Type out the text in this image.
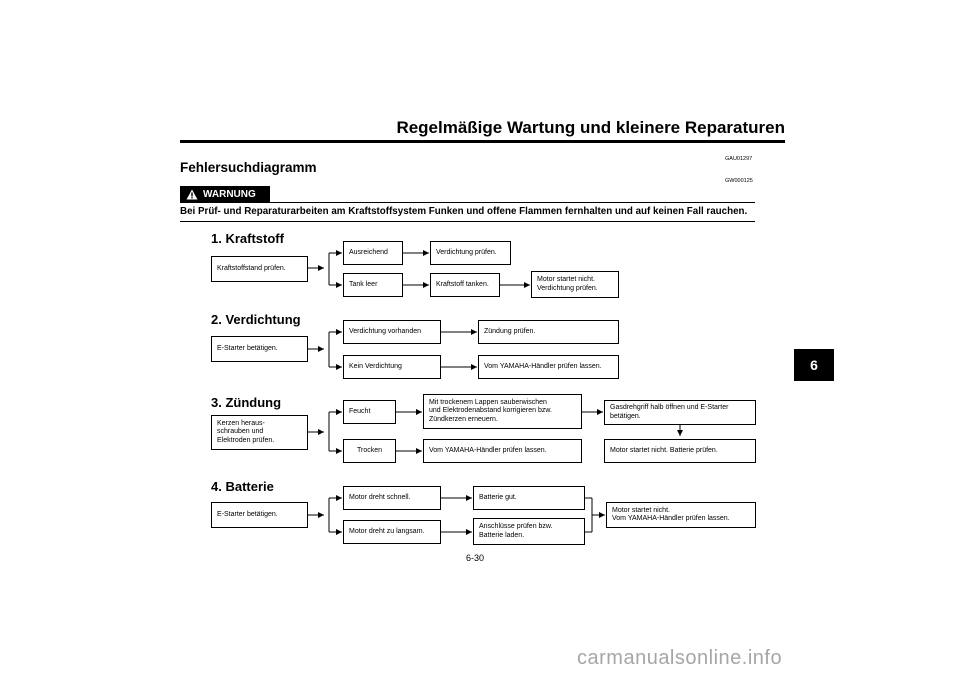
Regelmäßige Wartung und kleinere Reparaturen
Fehlersuchdiagramm
GAU01297
GW000125
WARNUNG
Bei Prüf- und Reparaturarbeiten am Kraftstoffsystem Funken und offene Flammen fernhalten und auf keinen Fall rauchen.
1. Kraftstoff
Kraftstoffstand prüfen.
Ausreichend
Tank leer
Verdichtung prüfen.
Kraftstoff tanken.
Motor startet nicht.
Verdichtung prüfen.
2. Verdichtung
E-Starter betätigen.
Verdichtung vorhanden
Kein Verdichtung
Zündung prüfen.
Vom YAMAHA-Händler prüfen lassen.
3. Zündung
Kerzen heraus-
schrauben und
Elektroden prüfen.
Feucht
Trocken
Mit trockenem Lappen sauberwischen
und Elektrodenabstand korrigieren bzw.
Zündkerzen erneuern.
Vom YAMAHA-Händler prüfen lassen.
Gasdrehgriff halb öffnen und E-Starter
betätigen.
Motor startet nicht. Batterie prüfen.
4. Batterie
E-Starter betätigen.
Motor dreht schnell.
Motor dreht zu langsam.
Batterie gut.
Anschlüsse prüfen bzw.
Batterie laden.
Motor startet nicht.
Vom YAMAHA-Händler prüfen lassen.
6-30
6
carmanualsonline.info
